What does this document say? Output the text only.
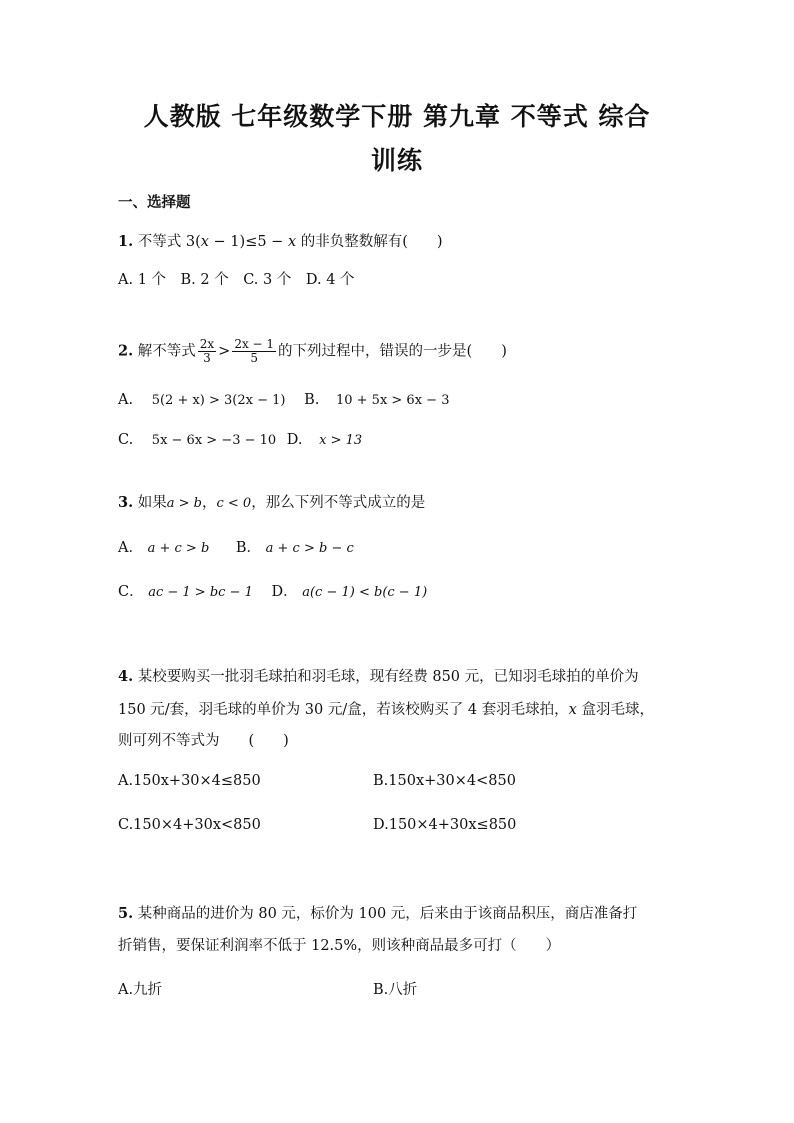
人教版 七年级数学下册 第九章 不等式 综合
训练
一、选择题
1. 不等式 3(x − 1)≤5 − x 的非负整数解有(　　)
A. 1 个　B. 2 个　C. 3 个　D. 4 个
2. 解不等式 $\frac{2x}{3} > \frac{2x - 1}{5}$ 的下列过程中，错误的一步是(　　)
A. 5(2 + x) > 3(2x − 1) B. 10 + 5x > 6x − 3
C. 5x − 6x > −3 − 10 D. x > 13
3. 如果a > b，c < 0，那么下列不等式成立的是
A． a + c > b B． a + c > b − c
C． ac − 1 > bc − 1 D． a(c − 1) < b(c − 1)
4. 某校要购买一批羽毛球拍和羽毛球，现有经费 850 元，已知羽毛球拍的单价为
150 元/套，羽毛球的单价为 30 元/盒，若该校购买了 4 套羽毛球拍，x 盒羽毛球，
则可列不等式为　　(　　)
A.150x+30×4≤850	B.150x+30×4<850
C.150×4+30x<850	D.150×4+30x≤850
5. 某种商品的进价为 80 元，标价为 100 元，后来由于该商品积压，商店准备打
折销售，要保证利润率不低于 12.5%，则该种商品最多可打（　　）
A.九折	B.八折
